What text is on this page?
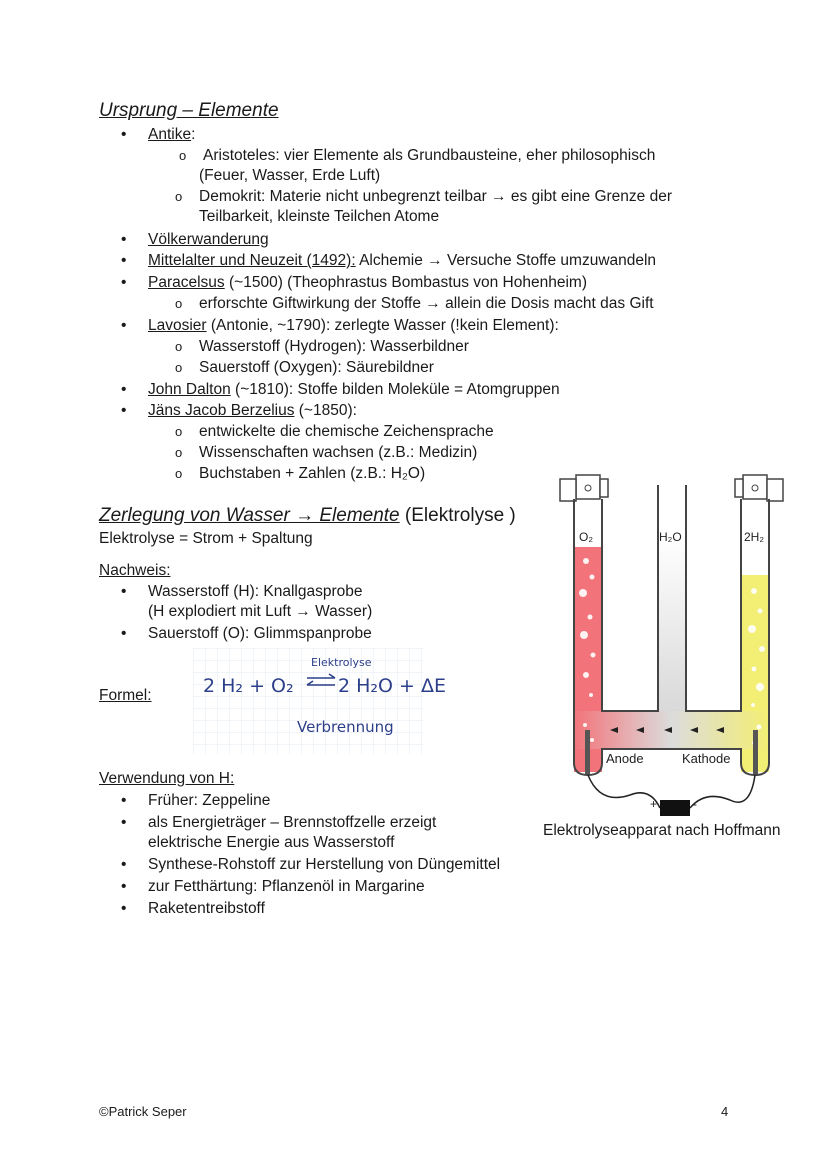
Ursprung – Elemente
• Antike:
o Aristoteles: vier Elemente als Grundbausteine, eher philosophisch
(Feuer, Wasser, Erde Luft)
o Demokrit: Materie nicht unbegrenzt teilbar → es gibt eine Grenze der
Teilbarkeit, kleinste Teilchen Atome
• Völkerwanderung
• Mittelalter und Neuzeit (1492): Alchemie → Versuche Stoffe umzuwandeln
• Paracelsus (~1500) (Theophrastus Bombastus von Hohenheim)
o erforschte Giftwirkung der Stoffe → allein die Dosis macht das Gift
• Lavosier (Antonie, ~1790): zerlegte Wasser (!kein Element):
o Wasserstoff (Hydrogen): Wasserbildner
o Sauerstoff (Oxygen): Säurebildner
• John Dalton (~1810): Stoffe bilden Moleküle = Atomgruppen
• Jäns Jacob Berzelius (~1850):
o entwickelte die chemische Zeichensprache
o Wissenschaften wachsen (z.B.: Medizin)
o Buchstaben + Zahlen (z.B.: H₂O)
Zerlegung von Wasser → Elemente (Elektrolyse )
Elektrolyse = Strom + Spaltung
Nachweis:
• Wasserstoff (H): Knallgasprobe
(H explodiert mit Luft → Wasser)
• Sauerstoff (O): Glimmspanprobe
Formel:	2 H₂ + O₂
Elektrolyse
2 H₂O + ΔE
Verbrennung
Verwendung von H:
• Früher: Zeppeline
• als Energieträger – Brennstoffzelle erzeigt
elektrische Energie aus Wasserstoff
• Synthese-Rohstoff zur Herstellung von Düngemittel
• zur Fetthärtung: Pflanzenöl in Margarine
• Raketentreibstoff
O₂	H₂O	2H₂
Anode	Kathode
+	-
Elektrolyseapparat nach Hoffmann
©Patrick Seper	4
